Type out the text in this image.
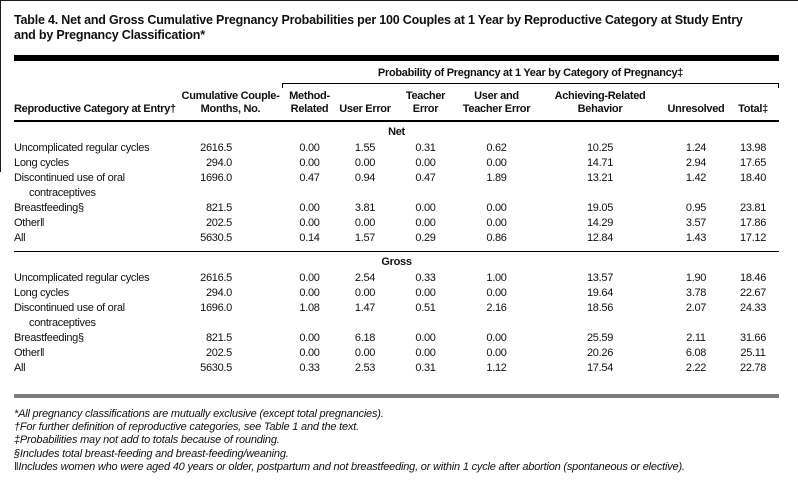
Table 4. Net and Gross Cumulative Pregnancy Probabilities per 100 Couples at 1 Year by Reproductive Category at Study Entry
and by Pregnancy Classification*

		Probability of Pregnancy at 1 Year by Category of Pregnancy‡						

Reproductive Category at Entry†	Cumulative Couple-Months, No.	Method-Related	User Error	Teacher Error	User and Teacher Error	Achieving-Related Behavior	Unresolved	Total‡
Net								

Uncomplicated regular cycles	2616.5	0.00	1.55	0.31	0.62	10.25	1.24	13.98

Long cycles	294.0	0.00	0.00	0.00	0.00	14.71	2.94	17.65

Discontinued use of oral contraceptives	1696.0	0.47	0.94	0.47	1.89	13.21	1.42	18.40

Breastfeeding§	821.5	0.00	3.81	0.00	0.00	19.05	0.95	23.81

Other‖	202.5	0.00	0.00	0.00	0.00	14.29	3.57	17.86

All	5630.5	0.14	1.57	0.29	0.86	12.84	1.43	17.12
Gross								

Uncomplicated regular cycles	2616.5	0.00	2.54	0.33	1.00	13.57	1.90	18.46

Long cycles	294.0	0.00	0.00	0.00	0.00	19.64	3.78	22.67

Discontinued use of oral contraceptives	1696.0	1.08	1.47	0.51	2.16	18.56	2.07	24.33

Breastfeeding§	821.5	0.00	6.18	0.00	0.00	25.59	2.11	31.66

Other‖	202.5	0.00	0.00	0.00	0.00	20.26	6.08	25.11

All	5630.5	0.33	2.53	0.31	1.12	17.54	2.22	22.78
*All pregnancy classifications are mutually exclusive (except total pregnancies).
†For further definition of reproductive categories, see Table 1 and the text.
‡Probabilities may not add to totals because of rounding.
§Includes total breast-feeding and breast-feeding/weaning.
‖Includes women who were aged 40 years or older, postpartum and not breastfeeding, or within 1 cycle after abortion (spontaneous or elective).
